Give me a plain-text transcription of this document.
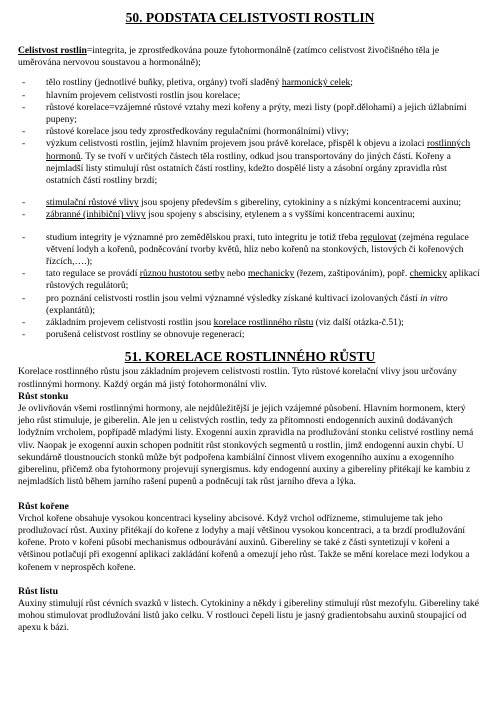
50. PODSTATA CELISTVOSTI ROSTLIN

Celistvost rostlin=integrita, je zprostředkována pouze fytohormonálně (zatímco celistvost živočišného těla je uměrována nervovou soustavou a hormonálně);

- tělo rostliny (jednotlivé buňky, pletiva, orgány) tvoří sladěný harmonický celek;
- hlavním projevem celistvosti rostlin jsou korelace;
- růstové korelace=vzájemné růstové vztahy mezi kořeny a prýty, mezi listy (popř.dělohami) a jejich úžlabními pupeny;
- růstové korelace jsou tedy zprostředkovány regulačními (hormonálními) vlivy;
- výzkum celistvosti rostlin, jejímž hlavním projevem jsou právě korelace, přispěl k objevu a izolaci rostlinných hormonů. Ty se tvoří v určitých částech těla rostliny, odkud jsou transportovány do jiných částí. Kořeny a nejmladší listy stimulují růst ostatních částí rostliny, kdežto dospělé listy a zásobní orgány zpravidla růst ostatních částí rostliny brzdí;
- stimulační růstové vlivy jsou spojeny především s gibereliny, cytokininy a s nízkými koncentracemi auxinu;
- zábranné (inhibiční) vlivy jsou spojeny s abscisiny, etylenem a s vyššími koncentracemi auxinu;
- studium integrity je významné pro zemědělskou praxi, tuto integritu je totiž třeba regulovat (zejména regulace větvení lodyh a kořenů, podněcování tvorby květů, hliz nebo kořenů na stonkových, listových či kořenových řízcích,….);
- tato regulace se provádí různou hustotou setby nebo mechanicky (řezem, zaštipováním), popř. chemicky aplikací růstových regulátorů;
- pro poznání celistvosti rostlin jsou velmi významné výsledky získané kultivací izolovaných částí in vitro (explantátů);
- základním projevem celistvosti rostlin jsou korelace rostlinného růstu (viz další otázka-č.51);
- porušená celistvost rostliny se obnovuje regenerací;
51. KORELACE ROSTLINNÉHO RŮSTU

Korelace rostlinného růstu jsou základním projevem celistvosti rostlin. Tyto růstové korelační vlivy jsou určovány rostlinnými hormony. Každý orgán má jistý fotohormonální vliv.

Růst stonku

Je ovlivňován všemi rostlinnými hormony, ale nejdůležitější je jejich vzájemné působení. Hlavním hormonem, který jeho růst stimuluje, je giberelin. Ale jen u celistvých rostlin, tedy za přítomnosti endogenních auxinů dodávaných lodyžním vrcholem, popřípadě mladými listy. Exogenní auxin zpravidla na prodlužování stonku celistvé rostliny nemá vliv. Naopak je exogenní auxin schopen podnítit růst stonkových segmentů u rostlin, jimž endogenní auxin chybí. U sekundárně tloustnoucích stonků může být podpořena kambiální činnost vlivem exogenního auxinu a exogenního giberelinu, přičemž oba fytohormony projevují synergismus. kdy endogenní auxiny a gibereliny přitékají ke kambiu z nejmladších listů během jarního rašení pupenů a podněcují tak růst jarního dřeva a lýka.

Růst kořene

Vrchol kořene obsahuje vysokou koncentraci kyseliny abcisové. Když vrchol odřízneme, stimulujeme tak jeho prodlužovací růst. Auxiny přitékají do kořene z lodyhy a mají většinou vysokou koncentraci, a ta brzdí prodlužování kořene. Proto v kořeni působí mechanismus odbourávání auxinů. Gibereliny se také z části syntetizují v kořeni a většinou potlačují při exogenní aplikaci zakládání kořenů a omezují jeho růst. Takže se mění korelace mezi lodykou a kořenem v neprospěch kořene.

Růst listu

Auxiny stimulují růst cévních svazků v listech. Cytokininy a někdy i gibereliny stimulují růst mezofylu. Gibereliny také mohou stimulovat prodlužování listů jako celku. V rostlouci čepeli listu je jasný gradientobsahu auxinů stoupající od apexu k bázi.
